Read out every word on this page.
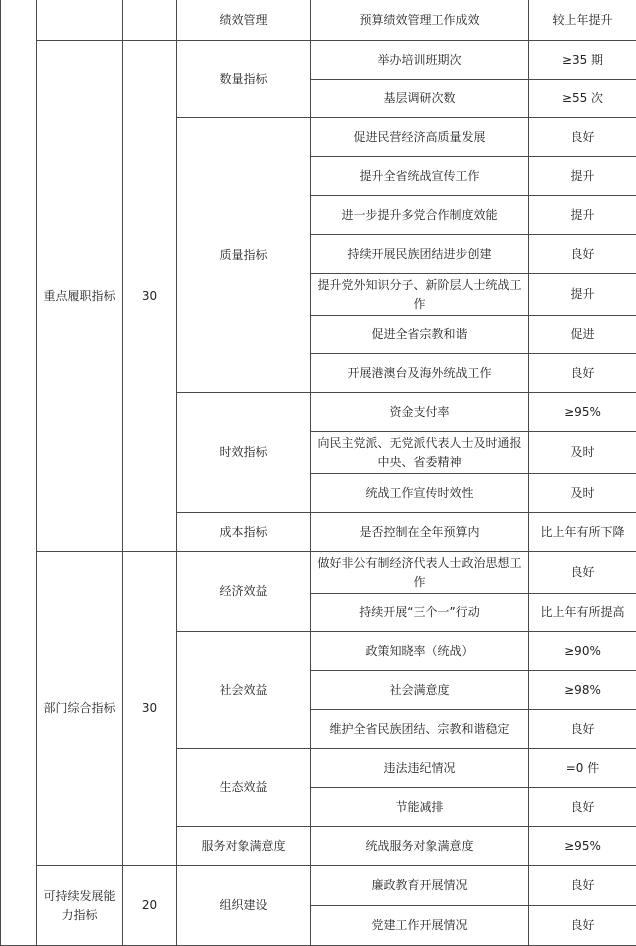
			绩效管理	预算绩效管理工作成效	较上年提升
	重点履职指标	30	数量指标	举办培训班期次	≥35 期
				基层调研次数	≥55 次
			质量指标	促进民营经济高质量发展	良好
				提升全省统战宣传工作	提升
				进一步提升多党合作制度效能	提升
				持续开展民族团结进步创建	良好
				提升党外知识分子、新阶层人士统战工作	提升
				促进全省宗教和谐	促进
				开展港澳台及海外统战工作	良好
			时效指标	资金支付率	≥95%
				向民主党派、无党派代表人士及时通报中央、省委精神	及时
				统战工作宣传时效性	及时
			成本指标	是否控制在全年预算内	比上年有所下降
	部门综合指标	30	经济效益	做好非公有制经济代表人士政治思想工作	良好
				持续开展“三个一”行动	比上年有所提高
			社会效益	政策知晓率（统战）	≥90%
				社会满意度	≥98%
				维护全省民族团结、宗教和谐稳定	良好
			生态效益	违法违纪情况	=0 件
				节能减排	良好
			服务对象满意度	统战服务对象满意度	≥95%
	可持续发展能力指标	20	组织建设	廉政教育开展情况	良好
				党建工作开展情况	良好
